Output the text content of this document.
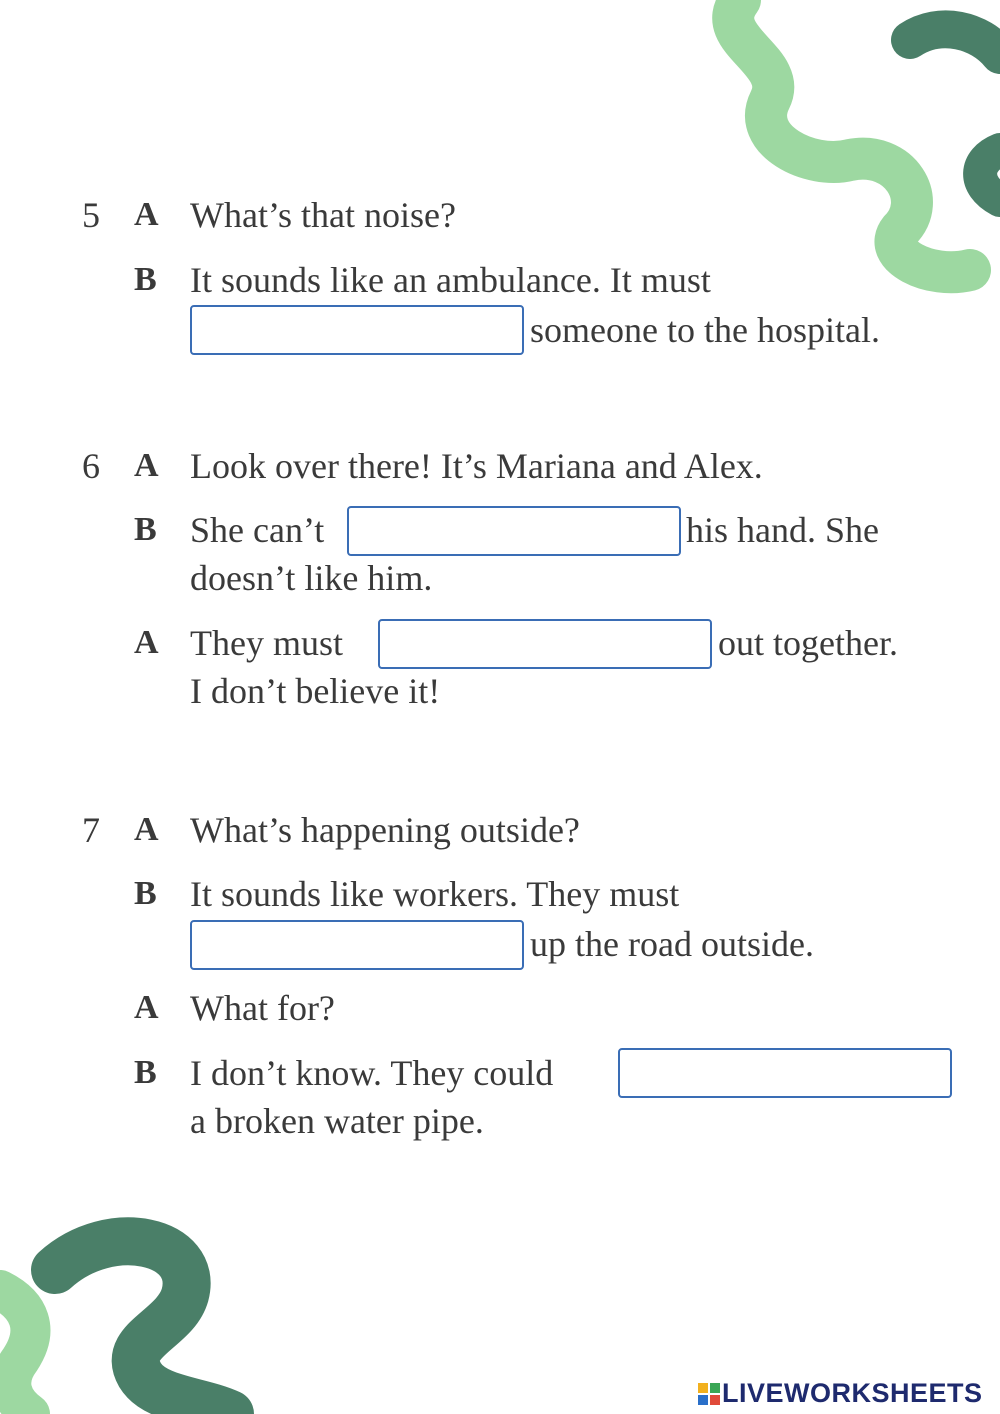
5 A What’s that noise?
B It sounds like an ambulance. It must
someone to the hospital.
6 A Look over there! It’s Mariana and Alex.
B She can’t	his hand. She
doesn’t like him.
A They must	out together.
I don’t believe it!
7 A What’s happening outside?
B It sounds like workers. They must
up the road outside.
A What for?
B I don’t know. They could
a broken water pipe.
LIVEWORKSHEETS
